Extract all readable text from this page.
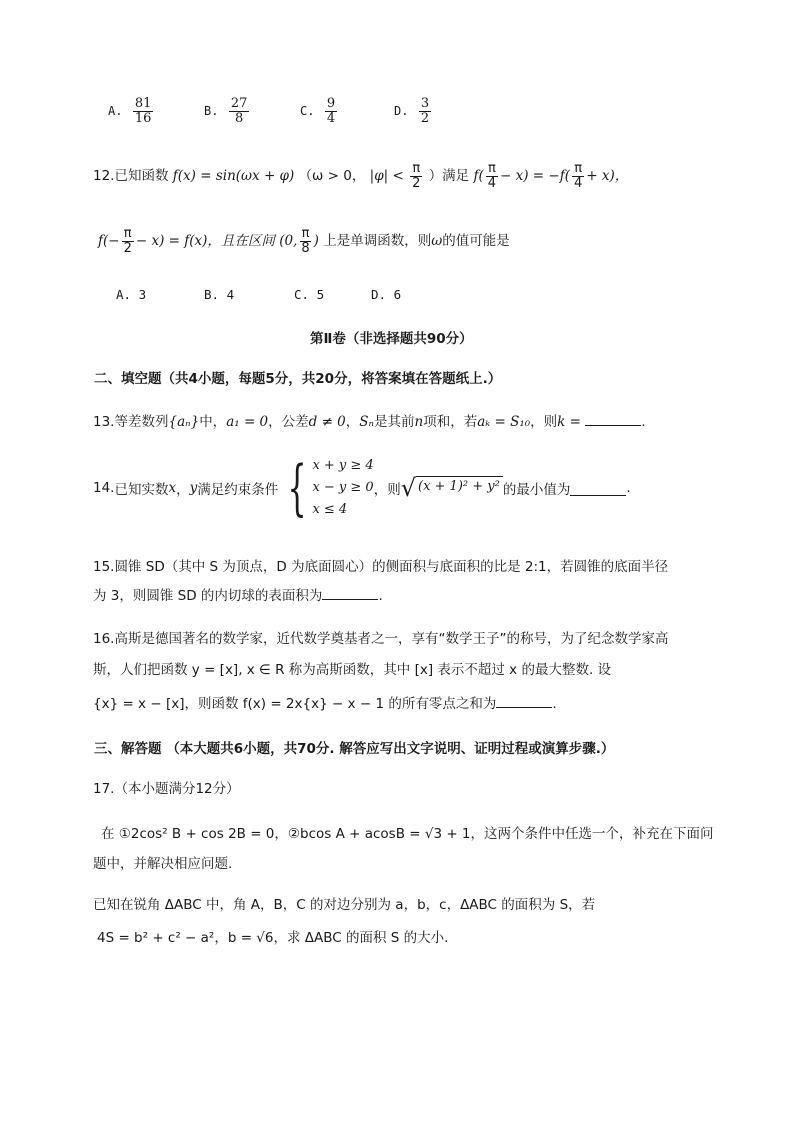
A. $\frac{81}{16}$	B. $\frac{27}{8}$	C. $\frac{9}{4}$	D. $\frac{3}{2}$
12.已知函数 f(x) = sin(ωx + φ) （ω > 0， $|\varphi| < \frac{\pi}{2}$ ）满足 $f( \frac{\pi}{4} - x) = -f( \frac{\pi}{4} + x)$，
$f(- \frac{\pi}{2} - x) = f(x)$，且在区间 (0, $\frac{\pi}{8}$ ) 上是单调函数，则ω的值可能是
A. 3	B. 4	C. 5	D. 6
第Ⅱ卷（非选择题共90分）
二、填空题（共4小题，每题5分，共20分，将答案填在答题纸上.）
13.等差数列{aₙ}中，a₁ = 0，公差d ≠ 0，Sₙ是其前n项和，若aₖ = S₁₀，则k =	.
14. 已知实数 x ， y 满足约束条件 { x + y ≥ 4
x − y ≥ 0
x ≤ 4
，则 √ (x + 1)² + y² 的最小值为	.
15.圆锥 SD（其中 S 为顶点，D 为底面圆心）的侧面积与底面积的比是 2:1，若圆锥的底面半径
为 3，则圆锥 SD 的内切球的表面积为	.
16.高斯是德国著名的数学家，近代数学奠基者之一，享有“数学王子”的称号，为了纪念数学家高
斯，人们把函数 y = [x], x ∈ R 称为高斯函数，其中 [x] 表示不超过 x 的最大整数. 设
{x} = x − [x]，则函数 f(x) = 2x{x} − x − 1 的所有零点之和为	.
三、解答题 （本大题共6小题，共70分. 解答应写出文字说明、证明过程或演算步骤.）
17.（本小题满分12分）
在 ①2cos² B + cos 2B = 0，②bcos A + acosB = √3 + 1，这两个条件中任选一个，补充在下面问
题中，并解决相应问题.
已知在锐角 ΔABC 中，角 A，B，C 的对边分别为 a，b，c，ΔABC 的面积为 S，若
4S = b² + c² − a²，b = √6，求 ΔABC 的面积 S 的大小.
